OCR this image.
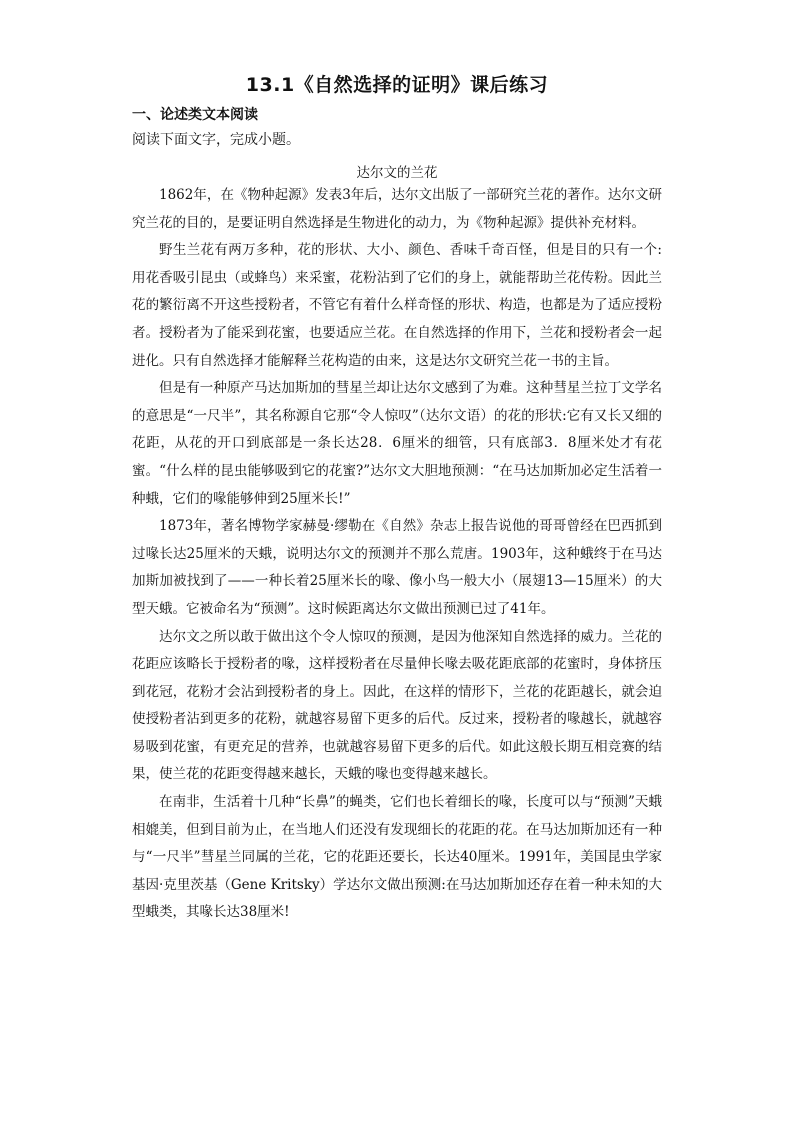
13.1《自然选择的证明》课后练习
一、论述类文本阅读
阅读下面文字，完成小题。
达尔文的兰花

1862年，在《物种起源》发表3年后，达尔文出版了一部研究兰花的著作。达尔文研究兰花的目的，是要证明自然选择是生物进化的动力，为《物种起源》提供补充材料。

野生兰花有两万多种，花的形状、大小、颜色、香味千奇百怪，但是目的只有一个:用花香吸引昆虫（或蜂鸟）来采蜜，花粉沾到了它们的身上，就能帮助兰花传粉。因此兰花的繁衍离不开这些授粉者，不管它有着什么样奇怪的形状、构造，也都是为了适应授粉者。授粉者为了能采到花蜜，也要适应兰花。在自然选择的作用下，兰花和授粉者会一起进化。只有自然选择才能解释兰花构造的由来，这是达尔文研究兰花一书的主旨。

但是有一种原产马达加斯加的彗星兰却让达尔文感到了为难。这种彗星兰拉丁文学名的意思是“一尺半”，其名称源自它那“令人惊叹”（达尔文语）的花的形状:它有又长又细的花距，从花的开口到底部是一条长达28．6厘米的细管，只有底部3．8厘米处才有花蜜。“什么样的昆虫能够吸到它的花蜜?”达尔文大胆地预测：“在马达加斯加必定生活着一种蛾，它们的喙能够伸到25厘米长!”

1873年，著名博物学家赫曼·缪勒在《自然》杂志上报告说他的哥哥曾经在巴西抓到过喙长达25厘米的天蛾，说明达尔文的预测并不那么荒唐。1903年，这种蛾终于在马达加斯加被找到了——一种长着25厘米长的喙、像小鸟一般大小（展翅13—15厘米）的大型天蛾。它被命名为“预测”。这时候距离达尔文做出预测已过了41年。

达尔文之所以敢于做出这个令人惊叹的预测，是因为他深知自然选择的威力。兰花的花距应该略长于授粉者的喙，这样授粉者在尽量伸长喙去吸花距底部的花蜜时，身体挤压到花冠，花粉才会沾到授粉者的身上。因此，在这样的情形下，兰花的花距越长，就会迫使授粉者沾到更多的花粉，就越容易留下更多的后代。反过来，授粉者的喙越长，就越容易吸到花蜜，有更充足的营养，也就越容易留下更多的后代。如此这般长期互相竞赛的结果，使兰花的花距变得越来越长，天蛾的喙也变得越来越长。

在南非，生活着十几种“长鼻”的蝇类，它们也长着细长的喙，长度可以与“预测”天蛾相媲美，但到目前为止，在当地人们还没有发现细长的花距的花。在马达加斯加还有一种与“一尺半”彗星兰同属的兰花，它的花距还要长，长达40厘米。1991年，美国昆虫学家基因·克里茨基（Gene Kritsky）学达尔文做出预测:在马达加斯加还存在着一种未知的大型蛾类，其喙长达38厘米!
